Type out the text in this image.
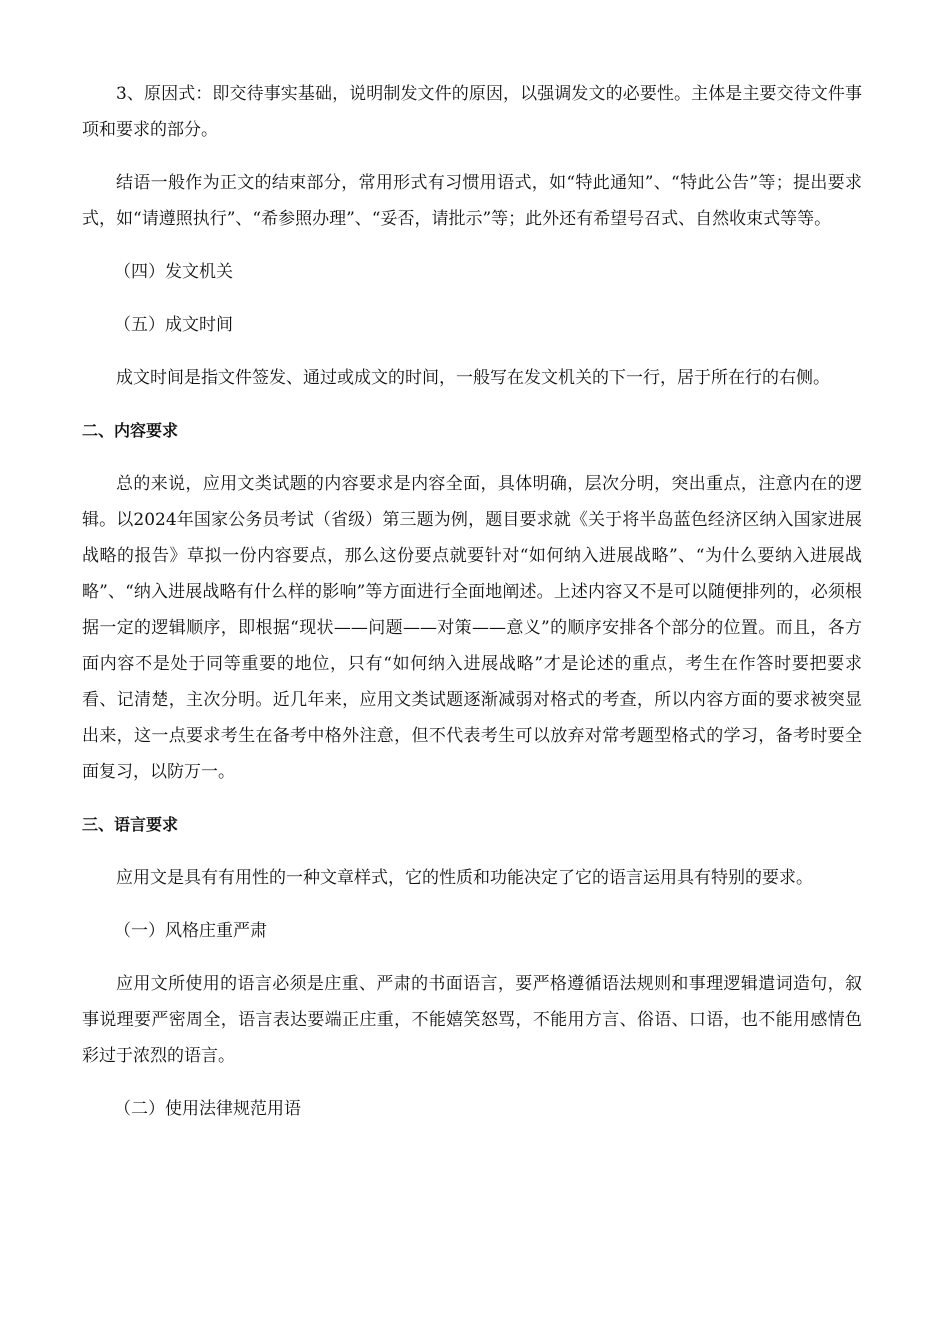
3、原因式：即交待事实基础，说明制发文件的原因，以强调发文的必要性。主体是主要交待文件事项和要求的部分。

结语一般作为正文的结束部分，常用形式有习惯用语式，如“特此通知”、“特此公告”等；提出要求式，如“请遵照执行”、“希参照办理”、“妥否，请批示”等；此外还有希望号召式、自然收束式等等。

（四）发文机关

（五）成文时间

成文时间是指文件签发、通过或成文的时间，一般写在发文机关的下一行，居于所在行的右侧。

二、内容要求

总的来说，应用文类试题的内容要求是内容全面，具体明确，层次分明，突出重点，注意内在的逻辑。以2024年国家公务员考试（省级）第三题为例，题目要求就《关于将半岛蓝色经济区纳入国家进展战略的报告》草拟一份内容要点，那么这份要点就要针对“如何纳入进展战略”、“为什么要纳入进展战略”、“纳入进展战略有什么样的影响”等方面进行全面地阐述。上述内容又不是可以随便排列的，必须根据一定的逻辑顺序，即根据“现状——问题——对策——意义”的顺序安排各个部分的位置。而且，各方面内容不是处于同等重要的地位，只有“如何纳入进展战略”才是论述的重点，考生在作答时要把要求看、记清楚，主次分明。近几年来，应用文类试题逐渐减弱对格式的考查，所以内容方面的要求被突显出来，这一点要求考生在备考中格外注意，但不代表考生可以放弃对常考题型格式的学习，备考时要全面复习，以防万一。

三、语言要求

应用文是具有有用性的一种文章样式，它的性质和功能决定了它的语言运用具有特别的要求。

（一）风格庄重严肃

应用文所使用的语言必须是庄重、严肃的书面语言，要严格遵循语法规则和事理逻辑遣词造句，叙事说理要严密周全，语言表达要端正庄重，不能嬉笑怒骂，不能用方言、俗语、口语，也不能用感情色彩过于浓烈的语言。

（二）使用法律规范用语
